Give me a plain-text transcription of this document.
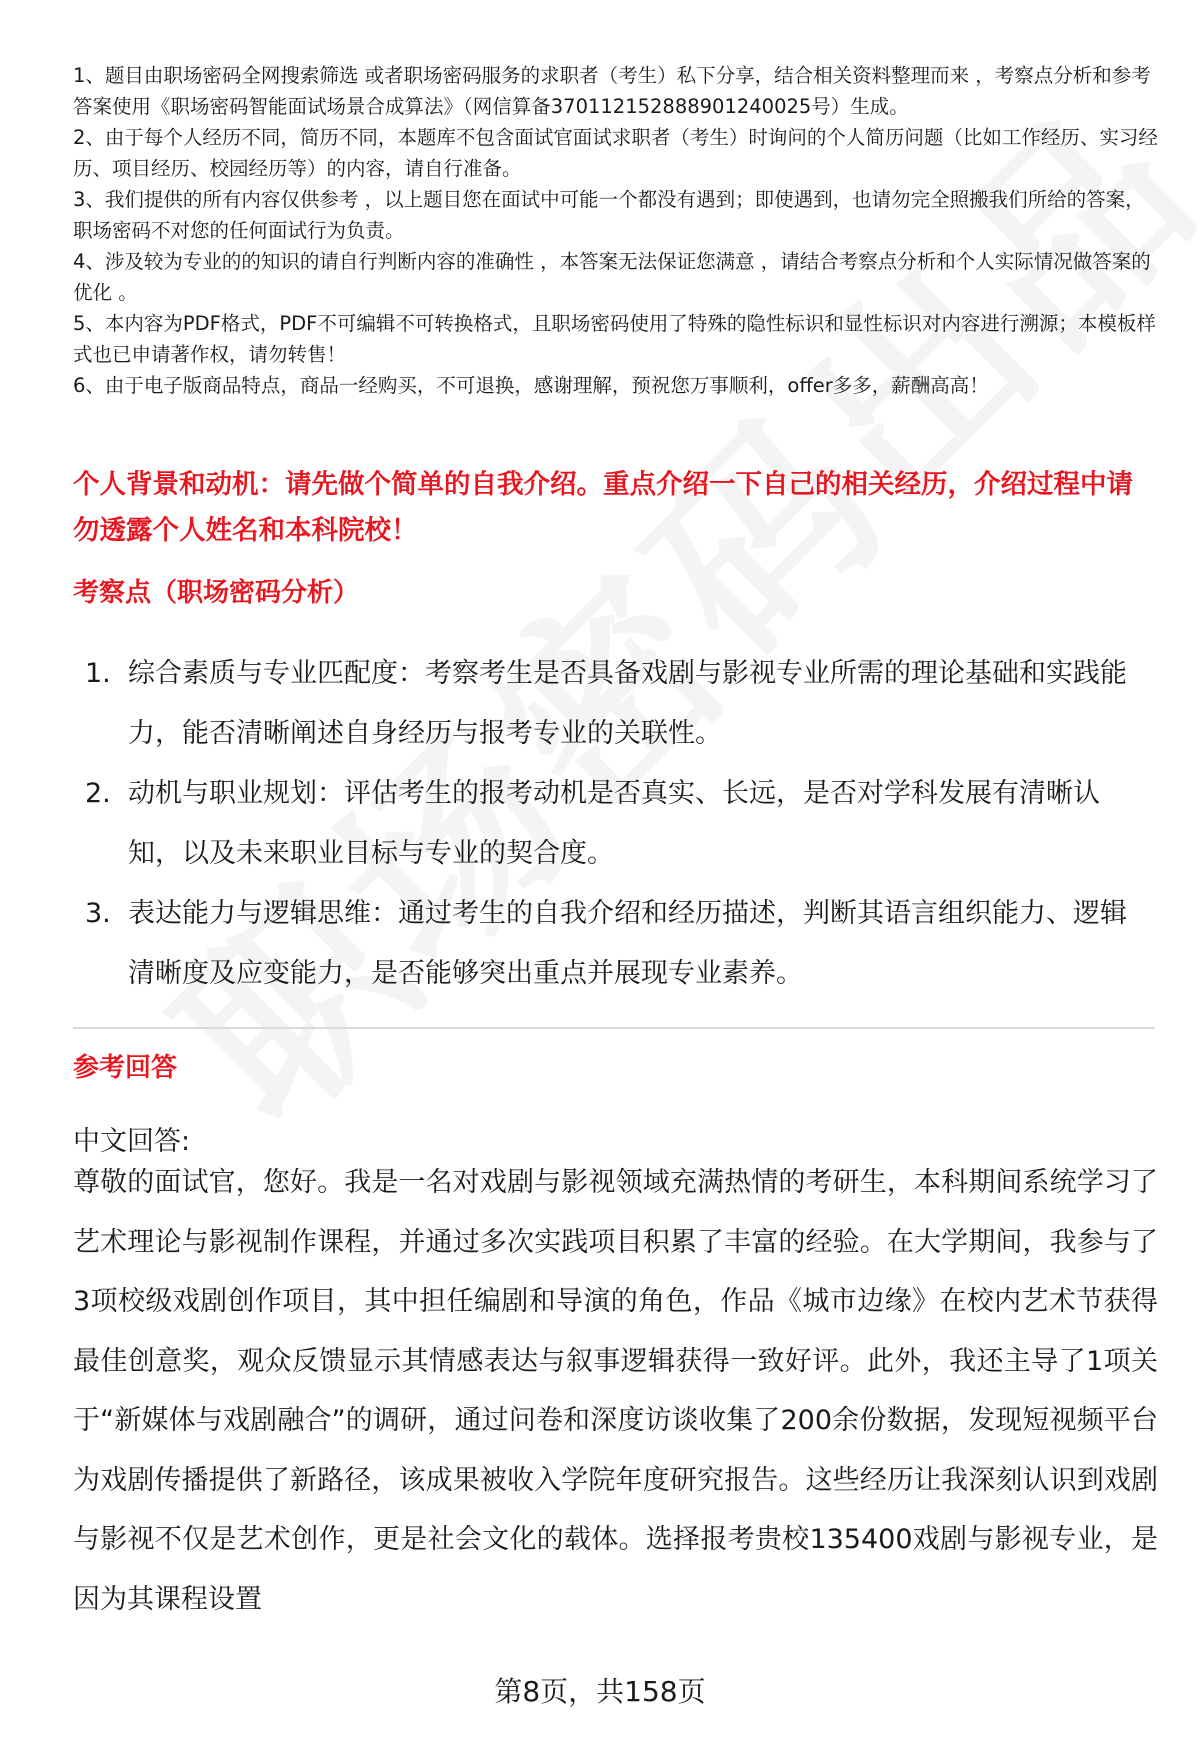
1、题目由职场密码全网搜索筛选 或者职场密码服务的求职者（考生）私下分享，结合相关资料整理而来 ，考察点分析和参考答案使用《职场密码智能面试场景合成算法》（网信算备370112152888901240025号）生成。

2、由于每个人经历不同，简历不同，本题库不包含面试官面试求职者（考生）时询问的个人简历问题（比如工作经历、实习经历、项目经历、校园经历等）的内容，请自行准备。

3、我们提供的所有内容仅供参考 ，以上题目您在面试中可能一个都没有遇到；即使遇到，也请勿完全照搬我们所给的答案，职场密码不对您的任何面试行为负责。

4、涉及较为专业的的知识的请自行判断内容的准确性 ，本答案无法保证您满意 ，请结合考察点分析和个人实际情况做答案的优化 。

5、本内容为PDF格式，PDF不可编辑不可转换格式，且职场密码使用了特殊的隐性标识和显性标识对内容进行溯源；本模板样式也已申请著作权，请勿转售！

6、由于电子版商品特点，商品一经购买，不可退换，感谢理解，预祝您万事顺利，offer多多，薪酬高高！

个人背景和动机：请先做个简单的自我介绍。重点介绍一下自己的相关经历，介绍过程中请勿透露个人姓名和本科院校！
考察点（职场密码分析）
1. 综合素质与专业匹配度：考察考生是否具备戏剧与影视专业所需的理论基础和实践能力，能否清晰阐述自身经历与报考专业的关联性。
2. 动机与职业规划：评估考生的报考动机是否真实、长远，是否对学科发展有清晰认知，以及未来职业目标与专业的契合度。
3. 表达能力与逻辑思维：通过考生的自我介绍和经历描述，判断其语言组织能力、逻辑清晰度及应变能力，是否能够突出重点并展现专业素养。
参考回答
中文回答:
尊敬的面试官，您好。我是一名对戏剧与影视领域充满热情的考研生，本科期间系统学习了艺术理论与影视制作课程，并通过多次实践项目积累了丰富的经验。在大学期间，我参与了3项校级戏剧创作项目，其中担任编剧和导演的角色，作品《城市边缘》在校内艺术节获得最佳创意奖，观众反馈显示其情感表达与叙事逻辑获得一致好评。此外，我还主导了1项关于“新媒体与戏剧融合”的调研，通过问卷和深度访谈收集了200余份数据，发现短视频平台为戏剧传播提供了新路径，该成果被收入学院年度研究报告。这些经历让我深刻认识到戏剧与影视不仅是艺术创作，更是社会文化的载体。选择报考贵校135400戏剧与影视专业，是因为其课程设置
第8页，共158页
